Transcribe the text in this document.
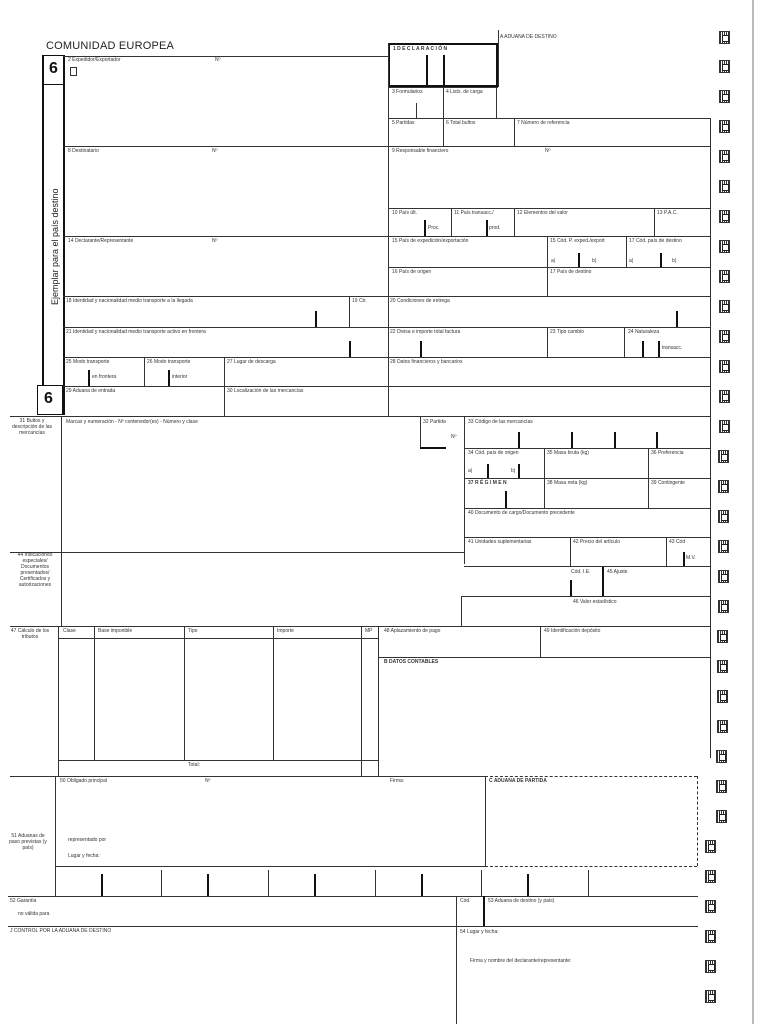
COMUNIDAD EUROPEA
A ADUANA DE DESTINO
6
Ejemplar para el país destino
6
1 D E C L A R A C I Ó N
2 Expedidor/Exportador	Nº
3 Formularios	4 Lists. de carga
5 Partidas	6 Total bultos	7 Número de referencia
8 Destinatario	Nº	9 Responsable financiero	Nº
10 País últ.
Proc.
11 País transacc./
prod.
12 Elementos del valor	13 P.A.C.
14 Declarante/Representante	Nº	15 País de expedición/exportación	15 Cód. P. exped./export	17 Cód. país de destino
a|	b|	a|	b|
16 País de origen	17 País de destino
18 Identidad y nacionalidad medio transporte a la llegada	19 Ctr.	20 Condiciones de entrega
21 Identidad y nacionalidad medio transporte activo en frontera	22 Divisa e importe total factura	23 Tipo cambio	24 Naturaleza
transacc.
25 Modo transporte
en frontera
26 Modo transporte
interior
27 Lugar de descarga	28 Datos financieros y bancarios
29 Aduana de entrada	30 Localización de las mercancías
31 Bultos y descripción de las mercancías
Marcas y numeración - Nº contenedor(es) - Número y clase	32 Partida
Nº
33 Código de las mercancías
34 Cód. país de origen
a|	b|
35 Masa bruta (kg)	36 Preferencia
37 R É G I M E N	38 Masa neta (kg)	39 Contingente
40 Documento de cargo/Documento precedente
41 Unidades suplementarias	42 Precio del artículo	43 Cód
M.V.
44 Indicaciones especiales/ Documentos presentados/ Certificados y autorizaciones
Cód. I.E.	45 Ajuste
46 Valor estadístico
47 Cálculo de los tributos
Clase	Base imponible	Tipo	Importe	MP
Total:
48 Aplazamiento de pago	49 Identificación depósito
B DATOS CONTABLES
50 Obligado principal	Nº	Firma:	C ADUANA DE PARTIDA
representado por
Lugar y fecha:
51 Aduanas de paso previstas (y país)
52 Garantía
no válida para
Cód.	53 Aduana de destino (y país)
J CONTROL POR LA ADUANA DE DESTINO	54 Lugar y fecha:
Firma y nombre del declarante/representante:
